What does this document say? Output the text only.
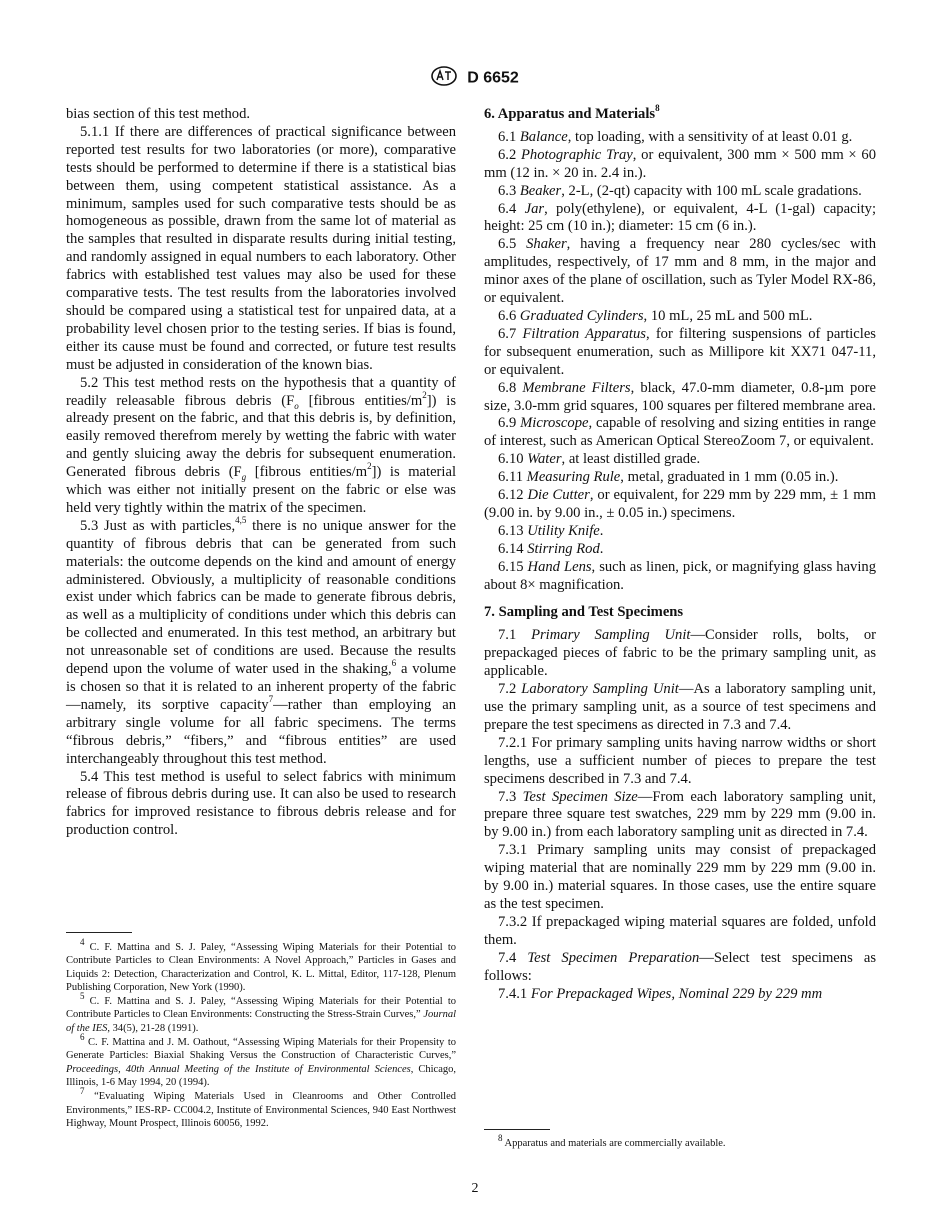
D 6652

bias section of this test method.

5.1.1 If there are differences of practical significance between reported test results for two laboratories (or more), comparative tests should be performed to determine if there is a statistical bias between them, using competent statistical assistance. As a minimum, samples used for such comparative tests should be as homogeneous as possible, drawn from the same lot of material as the samples that resulted in disparate results during initial testing, and randomly assigned in equal numbers to each laboratory. Other fabrics with established test values may also be used for these comparative tests. The test results from the laboratories involved should be compared using a statistical test for unpaired data, at a probability level chosen prior to the testing series. If bias is found, either its cause must be found and corrected, or future test results must be adjusted in consideration of the known bias.

5.2 This test method rests on the hypothesis that a quantity of readily releasable fibrous debris ($F_o$ [fibrous entities/$m^2$]) is already present on the fabric, and that this debris is, by definition, easily removed therefrom merely by wetting the fabric with water and gently sluicing away the debris for subsequent enumeration. Generated fibrous debris ($F_g$ [fibrous entities/$m^2$]) is material which was either not initially present on the fabric or else was held very tightly within the matrix of the specimen.

5.3 Just as with particles,$^{4,5}$ there is no unique answer for the quantity of fibrous debris that can be generated from such materials: the outcome depends on the kind and amount of energy administered. Obviously, a multiplicity of reasonable conditions exist under which fabrics can be made to generate fibrous debris, as well as a multiplicity of conditions under which this debris can be collected and enumerated. In this test method, an arbitrary but not unreasonable set of conditions are used. Because the results depend upon the volume of water used in the shaking,$^6$ a volume is chosen so that it is related to an inherent property of the fabric—namely, its sorptive capacity$^7$—rather than employing an arbitrary single volume for all fabric specimens. The terms “fibrous debris,” “fibers,” and “fibrous entities” are used interchangeably throughout this test method.

5.4 This test method is useful to select fabrics with minimum release of fibrous debris during use. It can also be used to research fabrics for improved resistance to fibrous debris release and for production control.

$^4$ C. F. Mattina and S. J. Paley, “Assessing Wiping Materials for their Potential to Contribute Particles to Clean Environments: A Novel Approach,” Particles in Gases and Liquids 2: Detection, Characterization and Control, K. L. Mittal, Editor, 117-128, Plenum Publishing Corporation, New York (1990).

$^5$ C. F. Mattina and S. J. Paley, “Assessing Wiping Materials for their Potential to Contribute Particles to Clean Environments: Constructing the Stress-Strain Curves,” Journal of the IES, 34(5), 21-28 (1991).

$^6$ C. F. Mattina and J. M. Oathout, “Assessing Wiping Materials for their Propensity to Generate Particles: Biaxial Shaking Versus the Construction of Characteristic Curves,” Proceedings, 40th Annual Meeting of the Institute of Environmental Sciences, Chicago, Illinois, 1-6 May 1994, 20 (1994).

$^7$ “Evaluating Wiping Materials Used in Cleanrooms and Other Controlled Environments,” IES-RP- CC004.2, Institute of Environmental Sciences, 940 East Northwest Highway, Mount Prospect, Illinois 60056, 1992.

6. Apparatus and Materials$^8$

6.1 Balance, top loading, with a sensitivity of at least 0.01 g.

6.2 Photographic Tray, or equivalent, 300 mm × 500 mm × 60 mm (12 in. × 20 in. 2.4 in.).

6.3 Beaker, 2-L, (2-qt) capacity with 100 mL scale gradations.

6.4 Jar, poly(ethylene), or equivalent, 4-L (1-gal) capacity; height: 25 cm (10 in.); diameter: 15 cm (6 in.).

6.5 Shaker, having a frequency near 280 cycles/sec with amplitudes, respectively, of 17 mm and 8 mm, in the major and minor axes of the plane of oscillation, such as Tyler Model RX-86, or equivalent.

6.6 Graduated Cylinders, 10 mL, 25 mL and 500 mL.

6.7 Filtration Apparatus, for filtering suspensions of particles for subsequent enumeration, such as Millipore kit XX71 047-11, or equivalent.

6.8 Membrane Filters, black, 47.0-mm diameter, 0.8-µm pore size, 3.0-mm grid squares, 100 squares per filtered membrane area.

6.9 Microscope, capable of resolving and sizing entities in range of interest, such as American Optical StereoZoom 7, or equivalent.

6.10 Water, at least distilled grade.

6.11 Measuring Rule, metal, graduated in 1 mm (0.05 in.).

6.12 Die Cutter, or equivalent, for 229 mm by 229 mm, ± 1 mm (9.00 in. by 9.00 in., ± 0.05 in.) specimens.

6.13 Utility Knife.

6.14 Stirring Rod.

6.15 Hand Lens, such as linen, pick, or magnifying glass having about 8× magnification.

7. Sampling and Test Specimens

7.1 Primary Sampling Unit—Consider rolls, bolts, or prepackaged pieces of fabric to be the primary sampling unit, as applicable.

7.2 Laboratory Sampling Unit—As a laboratory sampling unit, use the primary sampling unit, as a source of test specimens and prepare the test specimens as directed in 7.3 and 7.4.

7.2.1 For primary sampling units having narrow widths or short lengths, use a sufficient number of pieces to prepare the test specimens described in 7.3 and 7.4.

7.3 Test Specimen Size—From each laboratory sampling unit, prepare three square test swatches, 229 mm by 229 mm (9.00 in. by 9.00 in.) from each laboratory sampling unit as directed in 7.4.

7.3.1 Primary sampling units may consist of prepackaged wiping material that are nominally 229 mm by 229 mm (9.00 in. by 9.00 in.) material squares. In those cases, use the entire square as the test specimen.

7.3.2 If prepackaged wiping material squares are folded, unfold them.

7.4 Test Specimen Preparation—Select test specimens as follows:

7.4.1 For Prepackaged Wipes, Nominal 229 by 229 mm

$^8$ Apparatus and materials are commercially available.

2
